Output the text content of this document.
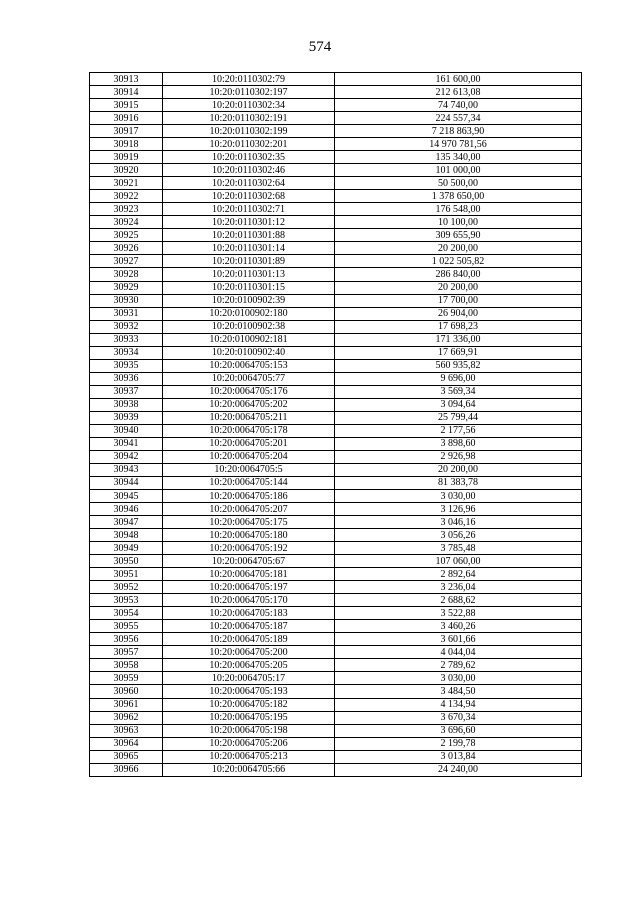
574
30913	10:20:0110302:79	161 600,00
30914	10:20:0110302:197	212 613,08
30915	10:20:0110302:34	74 740,00
30916	10:20:0110302:191	224 557,34
30917	10:20:0110302:199	7 218 863,90
30918	10:20:0110302:201	14 970 781,56
30919	10:20:0110302:35	135 340,00
30920	10:20:0110302:46	101 000,00
30921	10:20:0110302:64	50 500,00
30922	10:20:0110302:68	1 378 650,00
30923	10:20:0110302:71	176 548,00
30924	10:20:0110301:12	10 100,00
30925	10:20:0110301:88	309 655,90
30926	10:20:0110301:14	20 200,00
30927	10:20:0110301:89	1 022 505,82
30928	10:20:0110301:13	286 840,00
30929	10:20:0110301:15	20 200,00
30930	10:20:0100902:39	17 700,00
30931	10:20:0100902:180	26 904,00
30932	10:20:0100902:38	17 698,23
30933	10:20:0100902:181	171 336,00
30934	10:20:0100902:40	17 669,91
30935	10:20:0064705:153	560 935,82
30936	10:20:0064705:77	9 696,00
30937	10:20:0064705:176	3 569,34
30938	10:20:0064705:202	3 094,64
30939	10:20:0064705:211	25 799,44
30940	10:20:0064705:178	2 177,56
30941	10:20:0064705:201	3 898,60
30942	10:20:0064705:204	2 926,98
30943	10:20:0064705:5	20 200,00
30944	10:20:0064705:144	81 383,78
30945	10:20:0064705:186	3 030,00
30946	10:20:0064705:207	3 126,96
30947	10:20:0064705:175	3 046,16
30948	10:20:0064705:180	3 056,26
30949	10:20:0064705:192	3 785,48
30950	10:20:0064705:67	107 060,00
30951	10:20:0064705:181	2 892,64
30952	10:20:0064705:197	3 236,04
30953	10:20:0064705:170	2 688,62
30954	10:20:0064705:183	3 522,88
30955	10:20:0064705:187	3 460,26
30956	10:20:0064705:189	3 601,66
30957	10:20:0064705:200	4 044,04
30958	10:20:0064705:205	2 789,62
30959	10:20:0064705:17	3 030,00
30960	10:20:0064705:193	3 484,50
30961	10:20:0064705:182	4 134,94
30962	10:20:0064705:195	3 670,34
30963	10:20:0064705:198	3 696,60
30964	10:20:0064705:206	2 199,78
30965	10:20:0064705:213	3 013,84
30966	10:20:0064705:66	24 240,00
